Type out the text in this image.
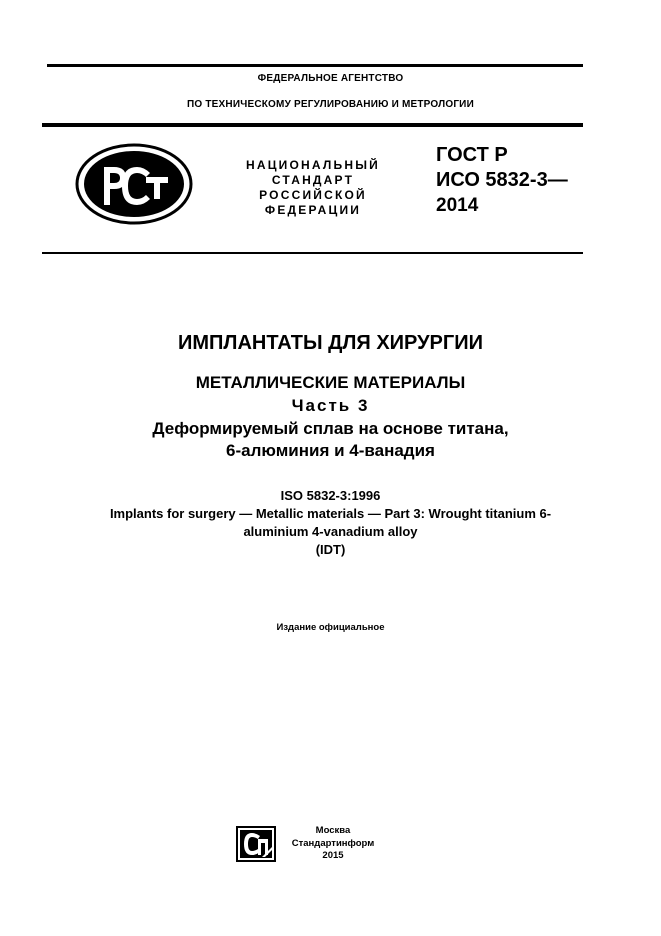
ФЕДЕРАЛЬНОЕ АГЕНТСТВО
ПО ТЕХНИЧЕСКОМУ РЕГУЛИРОВАНИЮ И МЕТРОЛОГИИ
НАЦИОНАЛЬНЫЙ
СТАНДАРТ
РОССИЙСКОЙ
ФЕДЕРАЦИИ
ГОСТ Р
ИСО 5832-3—
2014
ИМПЛАНТАТЫ ДЛЯ ХИРУРГИИ
МЕТАЛЛИЧЕСКИЕ МАТЕРИАЛЫ
Часть 3
Деформируемый сплав на основе титана,
6-алюминия и 4-ванадия
ISO 5832-3:1996
Implants for surgery — Metallic materials — Part 3: Wrought titanium 6-
aluminium 4-vanadium alloy
(IDT)
Издание официальное
Москва
Стандартинформ
2015
